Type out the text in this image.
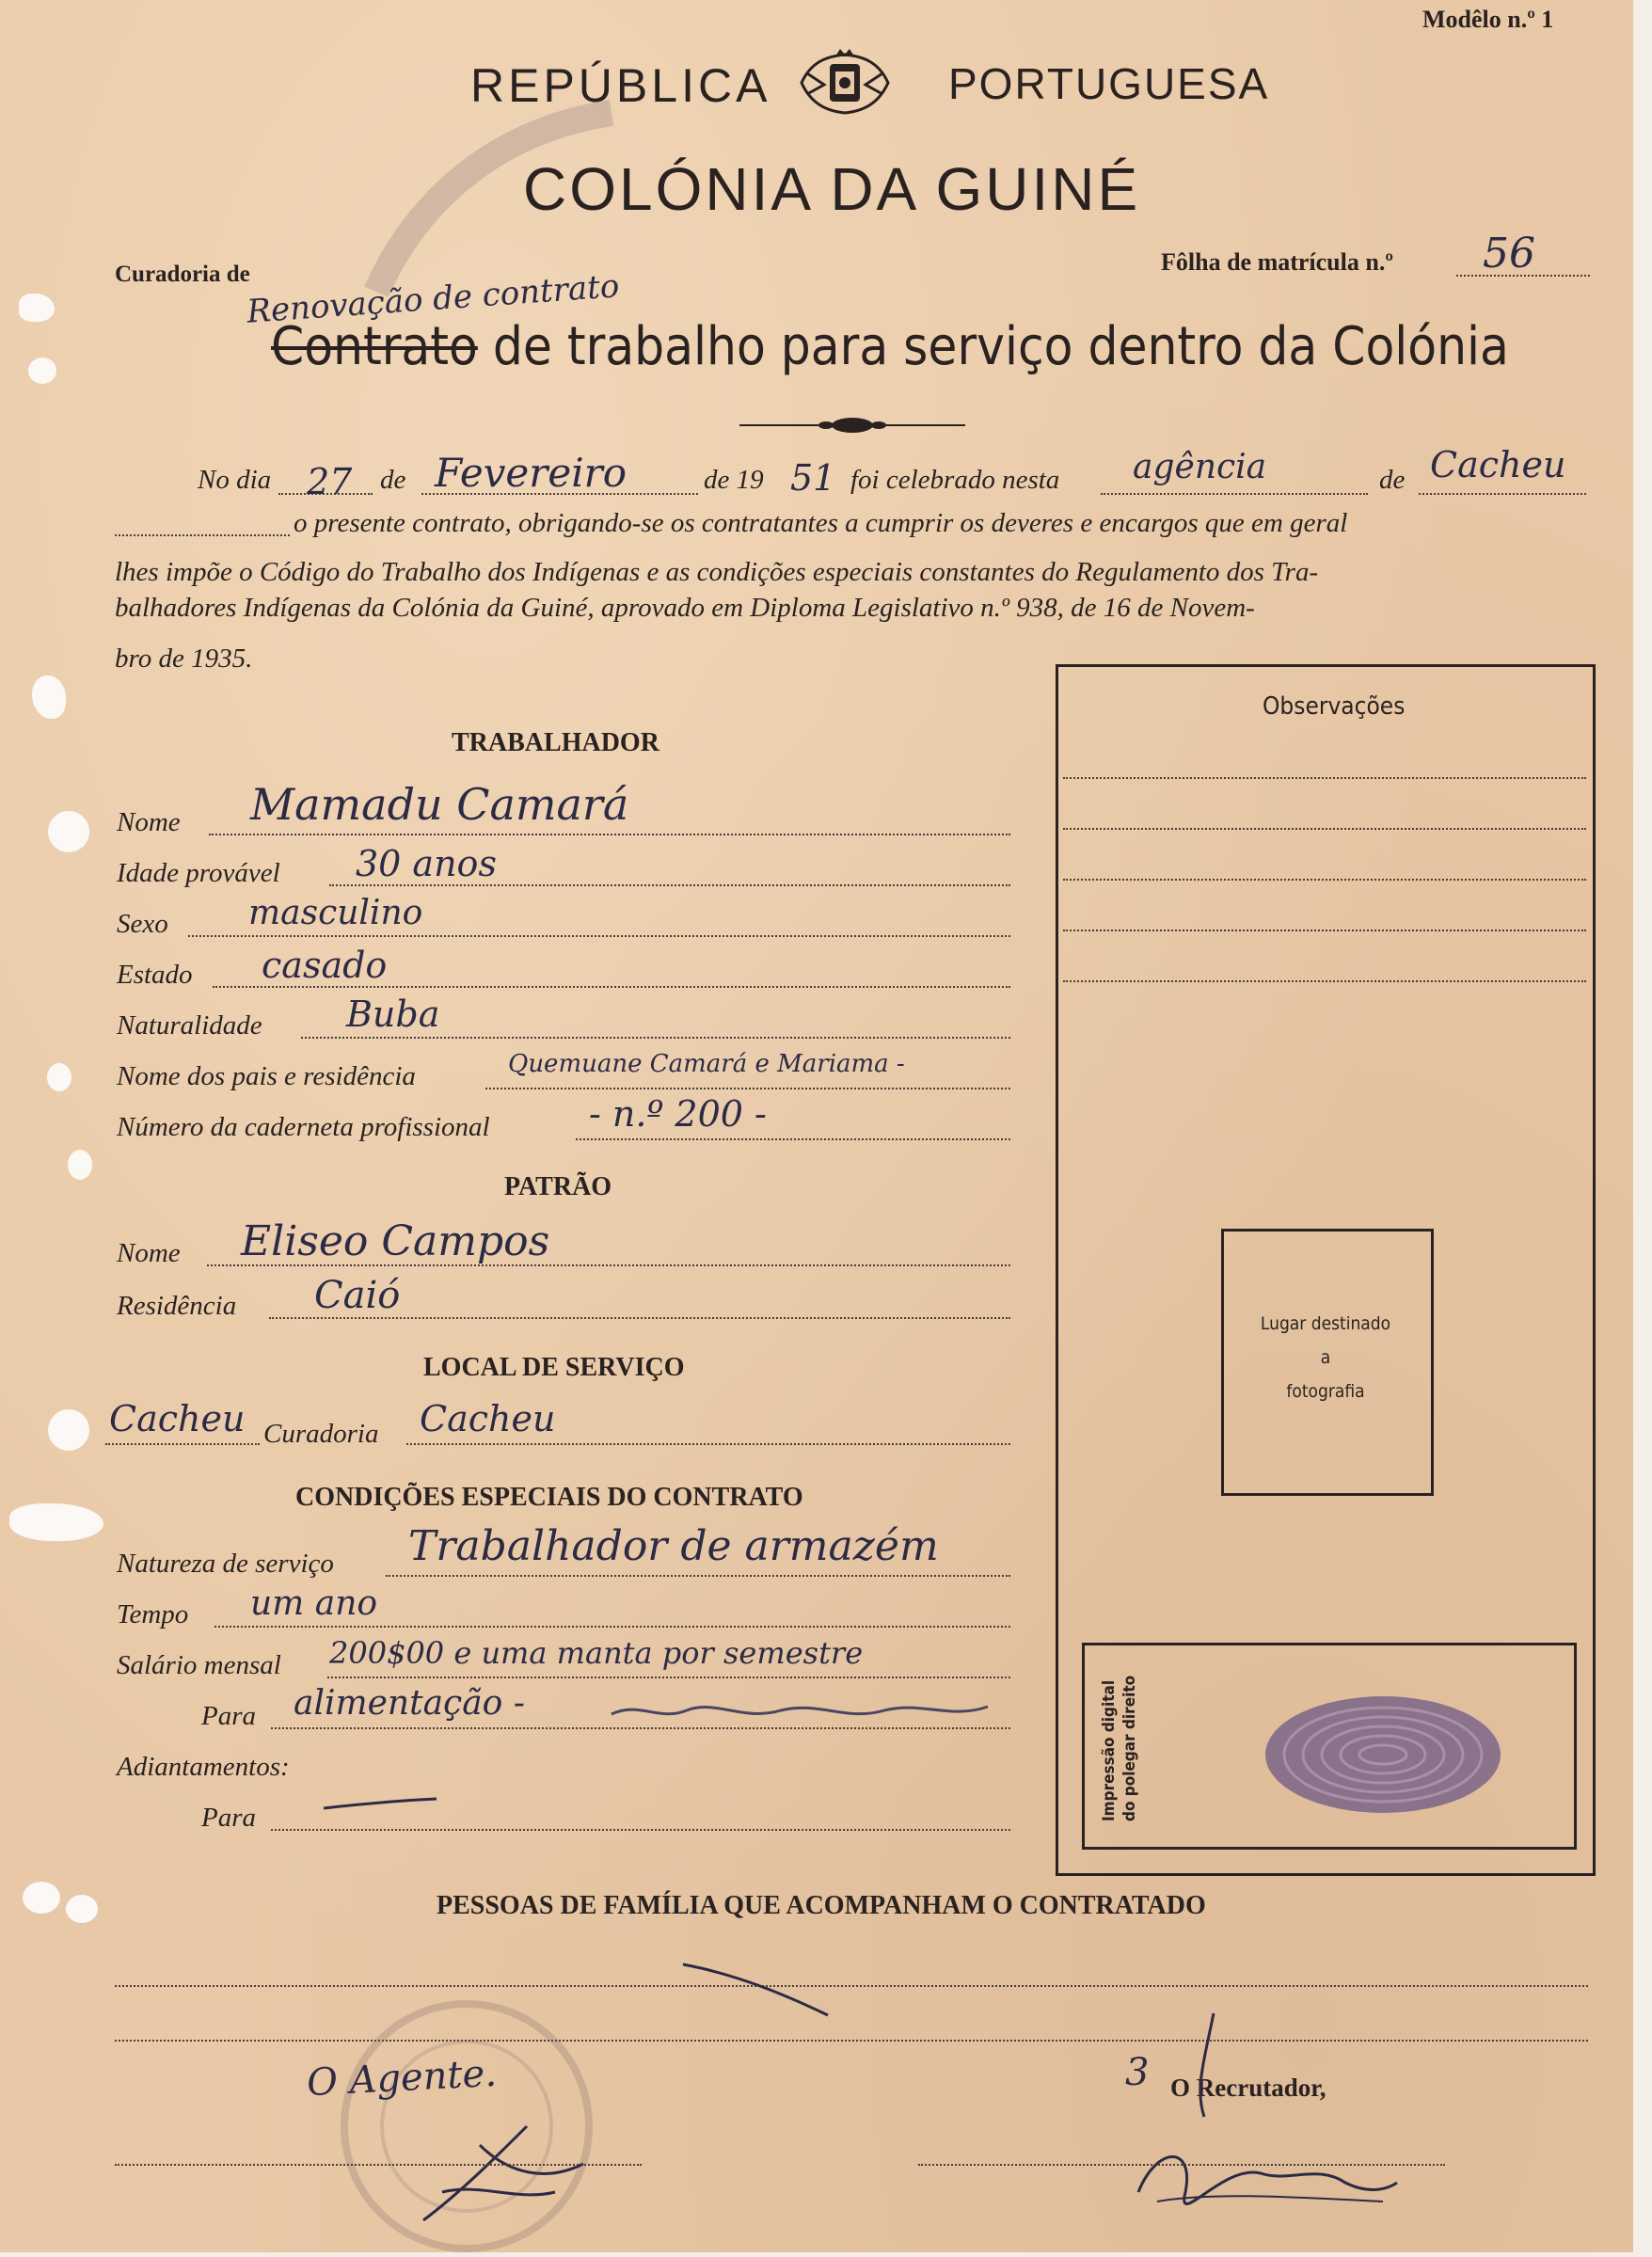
Modêlo n.º 1
REPÚBLICA	PORTUGUESA
COLÓNIA DA GUINÉ
Curadoria de	Fôlha de matrícula n.º 56
Renovação de contrato
Contrato de trabalho para serviço dentro da Colónia
No dia 27 de Fevereiro	de 19 51 foi celebrado nesta agência	de Cacheu
o presente contrato, obrigando-se os contratantes a cumprir os deveres e encargos que em geral
lhes impõe o Código do Trabalho dos Indígenas e as condições especiais constantes do Regulamento dos Tra-
balhadores Indígenas da Colónia da Guiné, aprovado em Diploma Legislativo n.º 938, de 16 de Novem-
bro de 1935.
Observações
Lugar destinado
a
fotografia
Impressão digital do polegar direito
TRABALHADOR
Nome Mamadu Camará
Idade provável 30 anos
Sexo masculino
Estado casado
Naturalidade Buba
Nome dos pais e residência	Quemuane Camará e Mariama -
Número da caderneta profissional	- n.º 200 -
PATRÃO
Nome Eliseo Campos
Residência Caió
LOCAL DE SERVIÇO
Cacheu Curadoria Cacheu
CONDIÇÕES ESPECIAIS DO CONTRATO
Natureza de serviço Trabalhador de armazém
Tempo um ano
Salário mensal 200$00 e uma manta por semestre
Para alimentação -
Adiantamentos:
Para
PESSOAS DE FAMÍLIA QUE ACOMPANHAM O CONTRATADO
O Agente.	3 O Recrutador,
